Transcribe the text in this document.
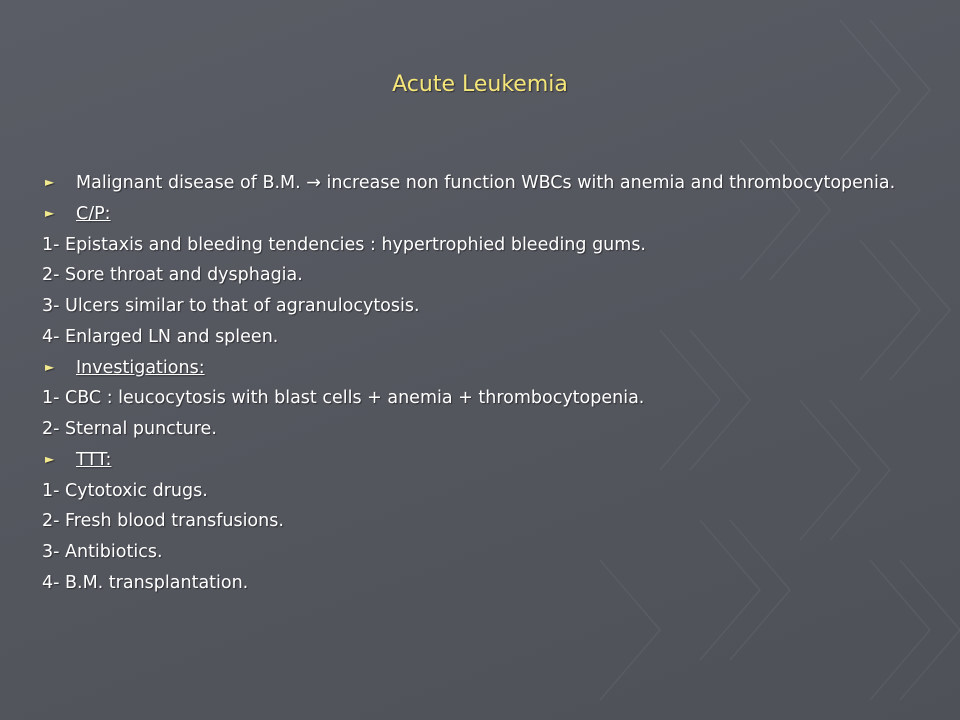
Acute Leukemia

► Malignant disease of B.M. → increase non function WBCs with anemia and thrombocytopenia.

► C/P:

1- Epistaxis and bleeding tendencies : hypertrophied bleeding gums.

2- Sore throat and dysphagia.

3- Ulcers similar to that of agranulocytosis.

4- Enlarged LN and spleen.

► Investigations:

1- CBC : leucocytosis with blast cells + anemia + thrombocytopenia.

2- Sternal puncture.

► TTT:

1- Cytotoxic drugs.

2- Fresh blood transfusions.

3- Antibiotics.

4- B.M. transplantation.
